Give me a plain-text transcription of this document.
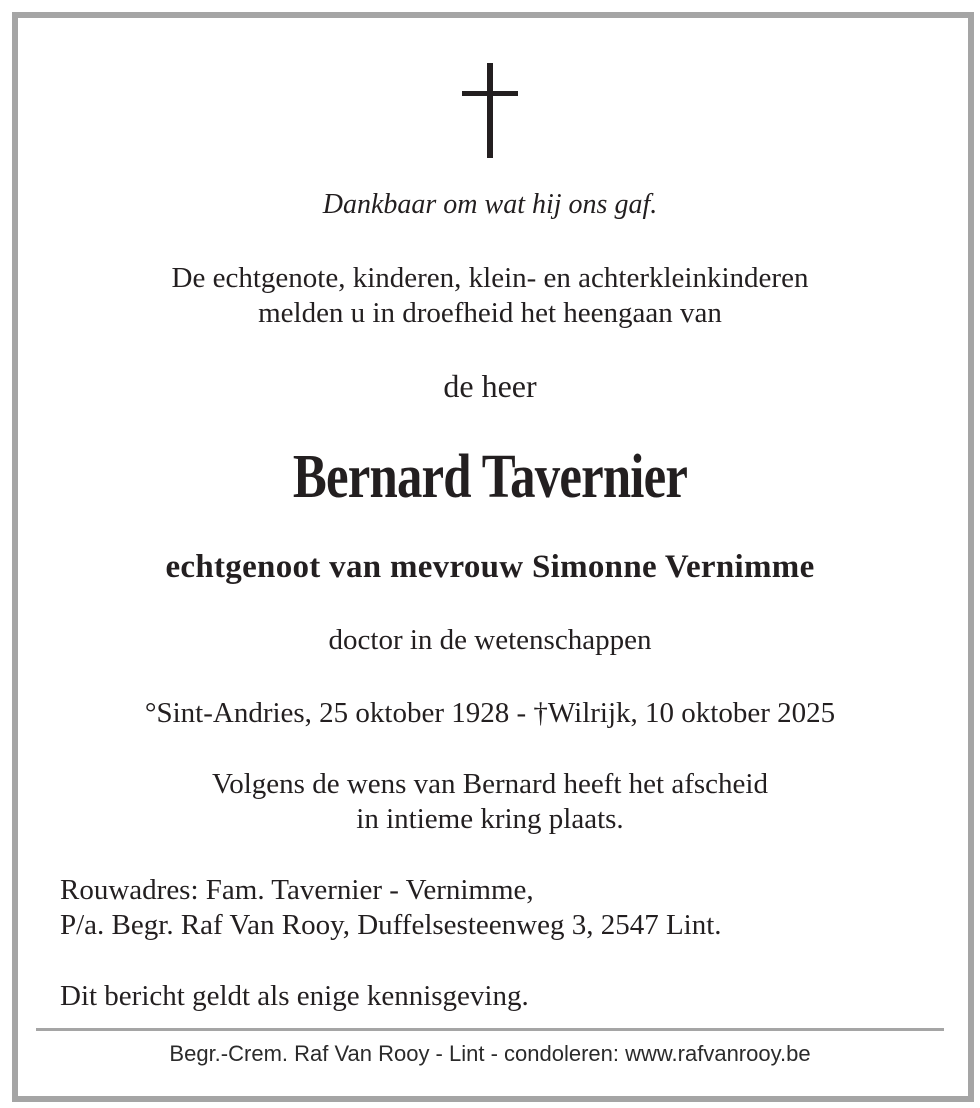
Dankbaar om wat hij ons gaf.
De echtgenote, kinderen, klein- en achterkleinkinderen
melden u in droefheid het heengaan van
de heer
Bernard Tavernier
echtgenoot van mevrouw Simonne Vernimme
doctor in de wetenschappen
°Sint-Andries, 25 oktober 1928 - †Wilrijk, 10 oktober 2025
Volgens de wens van Bernard heeft het afscheid
in intieme kring plaats.
Rouwadres: Fam. Tavernier - Vernimme,
P/a. Begr. Raf Van Rooy, Duffelsesteenweg 3, 2547 Lint.
Dit bericht geldt als enige kennisgeving.
Begr.-Crem. Raf Van Rooy - Lint - condoleren: www.rafvanrooy.be
